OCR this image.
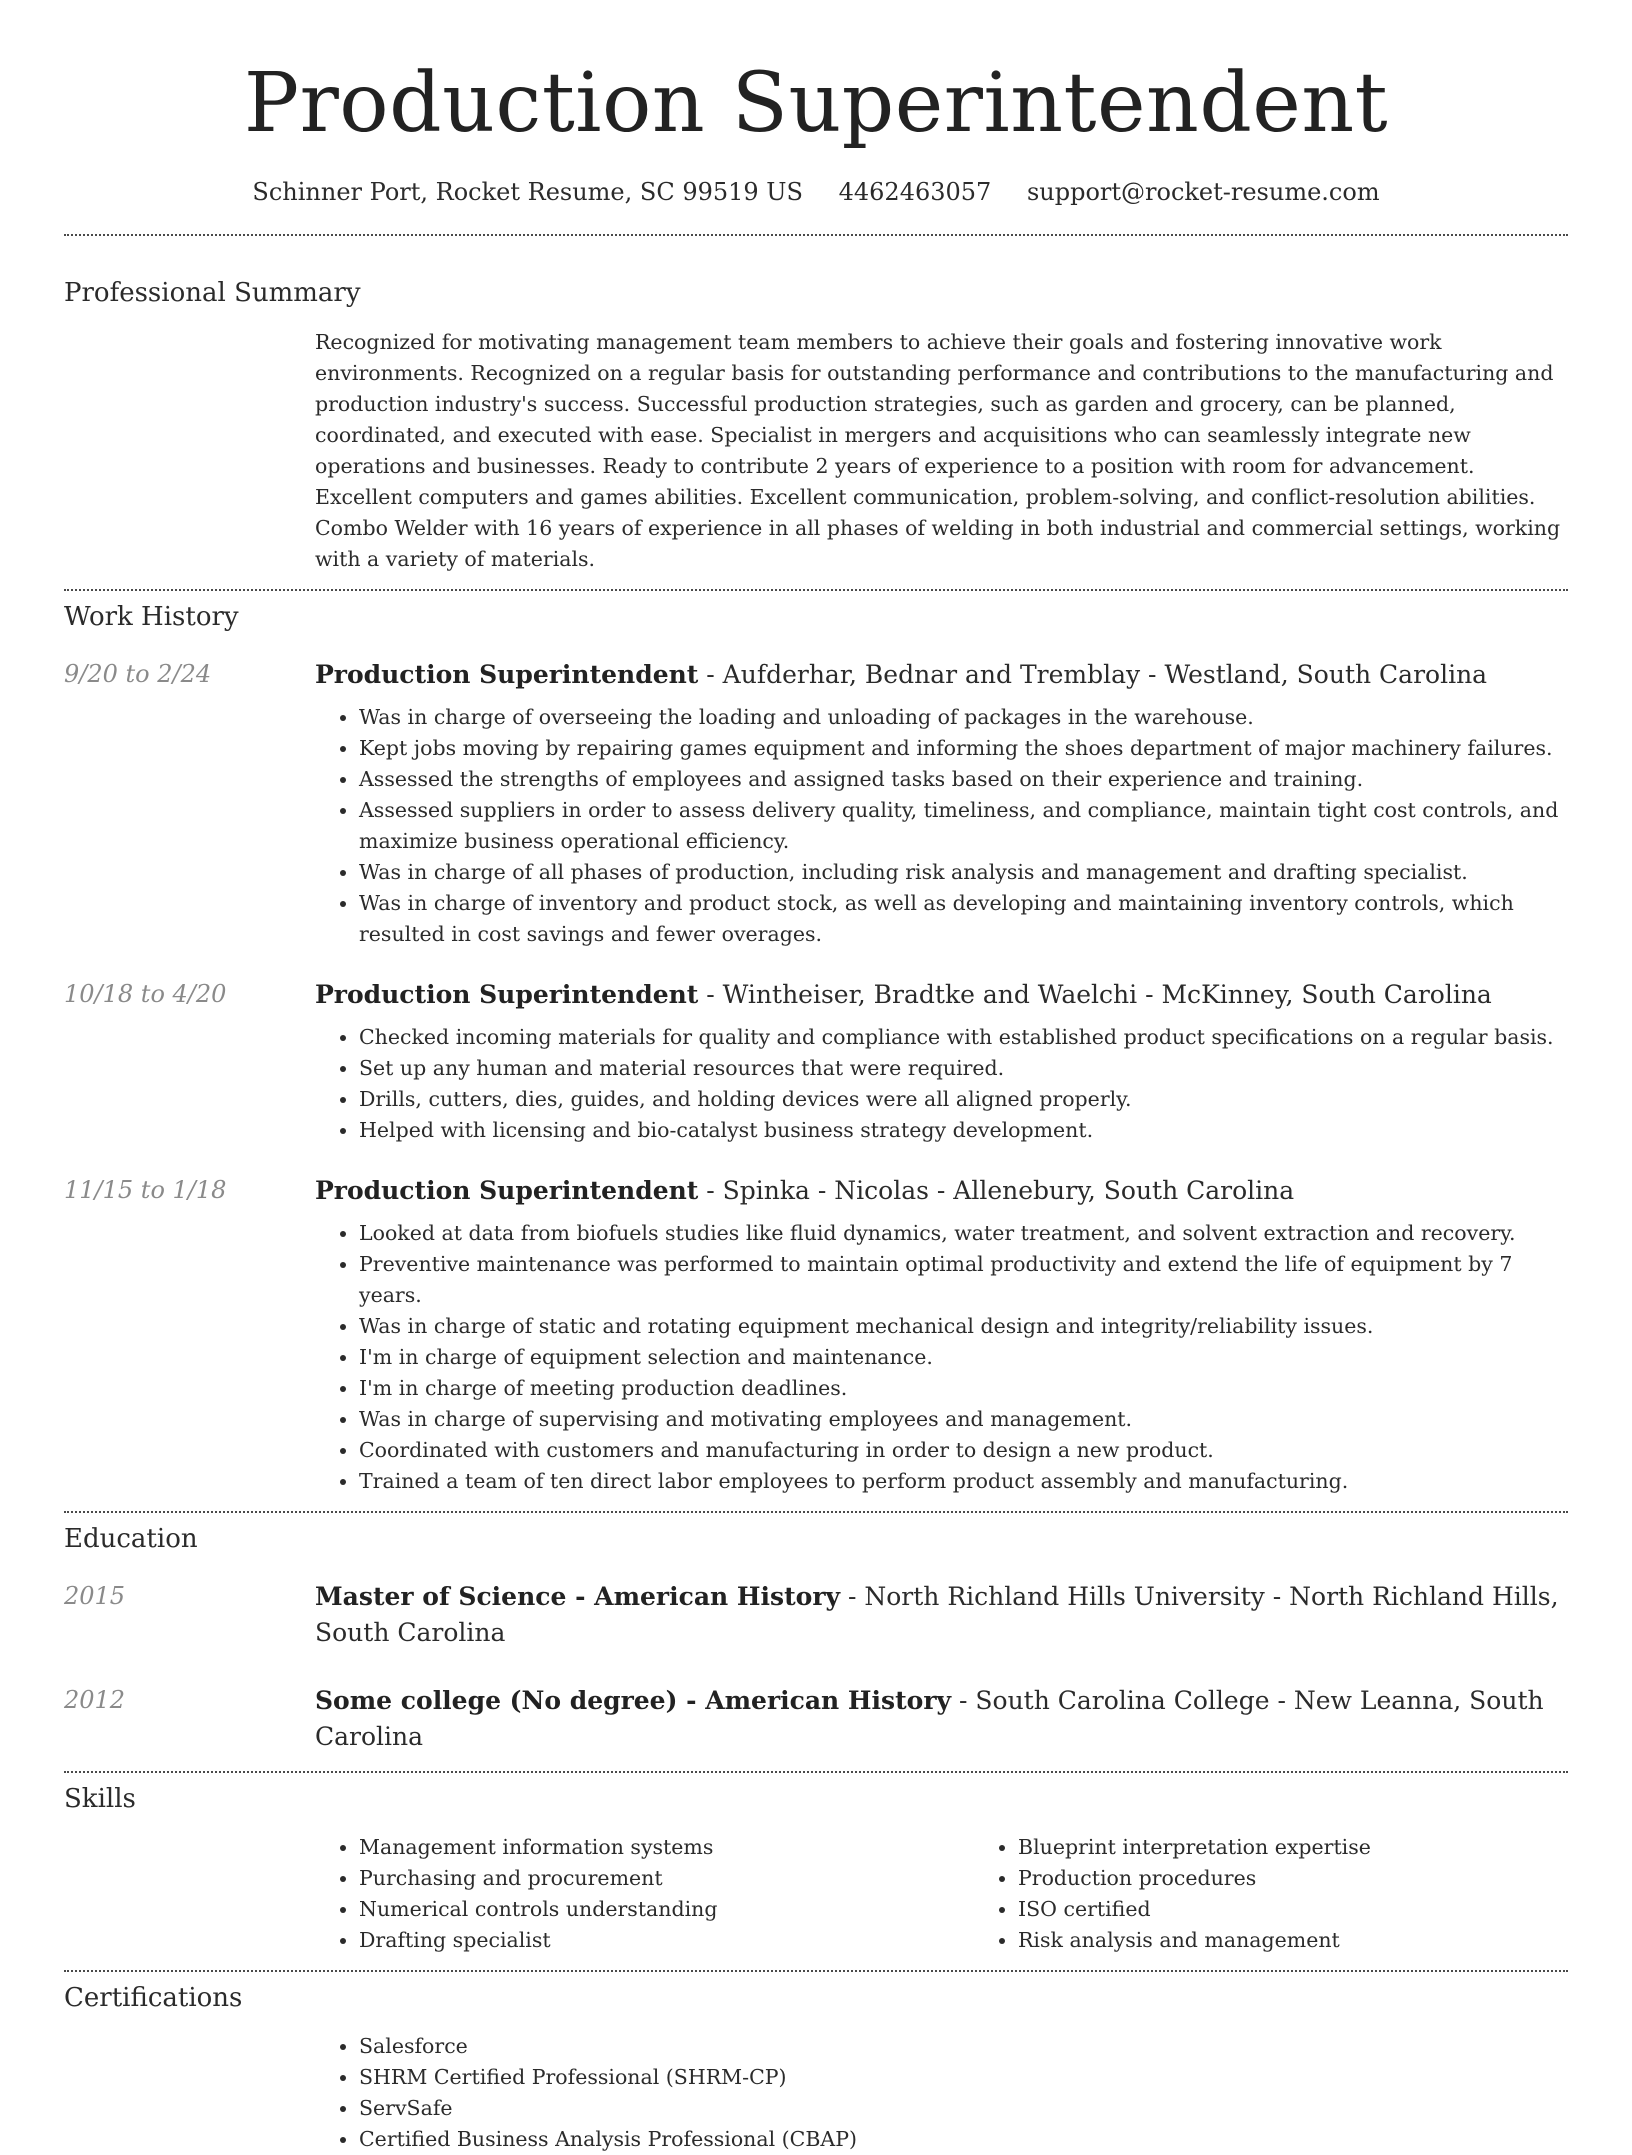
Production Superintendent
Schinner Port, Rocket Resume, SC 99519 US 4462463057 support@rocket-resume.com
Professional Summary

Recognized for motivating management team members to achieve their goals and fostering innovative work environments. Recognized on a regular basis for outstanding performance and contributions to the manufacturing and production industry's success. Successful production strategies, such as garden and grocery, can be planned, coordinated, and executed with ease. Specialist in mergers and acquisitions who can seamlessly integrate new operations and businesses. Ready to contribute 2 years of experience to a position with room for advancement. Excellent computers and games abilities. Excellent communication, problem-solving, and conflict-resolution abilities. Combo Welder with 16 years of experience in all phases of welding in both industrial and commercial settings, working with a variety of materials.

Work History
9/20 to 2/24	Production Superintendent - Aufderhar, Bednar and Tremblay - Westland, South Carolina
• Was in charge of overseeing the loading and unloading of packages in the warehouse.
• Kept jobs moving by repairing games equipment and informing the shoes department of major machinery failures.
• Assessed the strengths of employees and assigned tasks based on their experience and training.
• Assessed suppliers in order to assess delivery quality, timeliness, and compliance, maintain tight cost controls, and maximize business operational efficiency.
• Was in charge of all phases of production, including risk analysis and management and drafting specialist.
• Was in charge of inventory and product stock, as well as developing and maintaining inventory controls, which resulted in cost savings and fewer overages.
10/18 to 4/20	Production Superintendent - Wintheiser, Bradtke and Waelchi - McKinney, South Carolina
• Checked incoming materials for quality and compliance with established product specifications on a regular basis.
• Set up any human and material resources that were required.
• Drills, cutters, dies, guides, and holding devices were all aligned properly.
• Helped with licensing and bio-catalyst business strategy development.
11/15 to 1/18	Production Superintendent - Spinka - Nicolas - Allenebury, South Carolina
• Looked at data from biofuels studies like fluid dynamics, water treatment, and solvent extraction and recovery.
• Preventive maintenance was performed to maintain optimal productivity and extend the life of equipment by 7 years.
• Was in charge of static and rotating equipment mechanical design and integrity/reliability issues.
• I'm in charge of equipment selection and maintenance.
• I'm in charge of meeting production deadlines.
• Was in charge of supervising and motivating employees and management.
• Coordinated with customers and manufacturing in order to design a new product.
• Trained a team of ten direct labor employees to perform product assembly and manufacturing.
Education
2015	Master of Science - American History - North Richland Hills University - North Richland Hills, South Carolina
2012	Some college (No degree) - American History - South Carolina College - New Leanna, South Carolina
Skills
• Management information systems
• Purchasing and procurement
• Numerical controls understanding
• Drafting specialist
• Blueprint interpretation expertise
• Production procedures
• ISO certified
• Risk analysis and management
Certifications
• Salesforce
• SHRM Certified Professional (SHRM-CP)
• ServSafe
• Certified Business Analysis Professional (CBAP)
